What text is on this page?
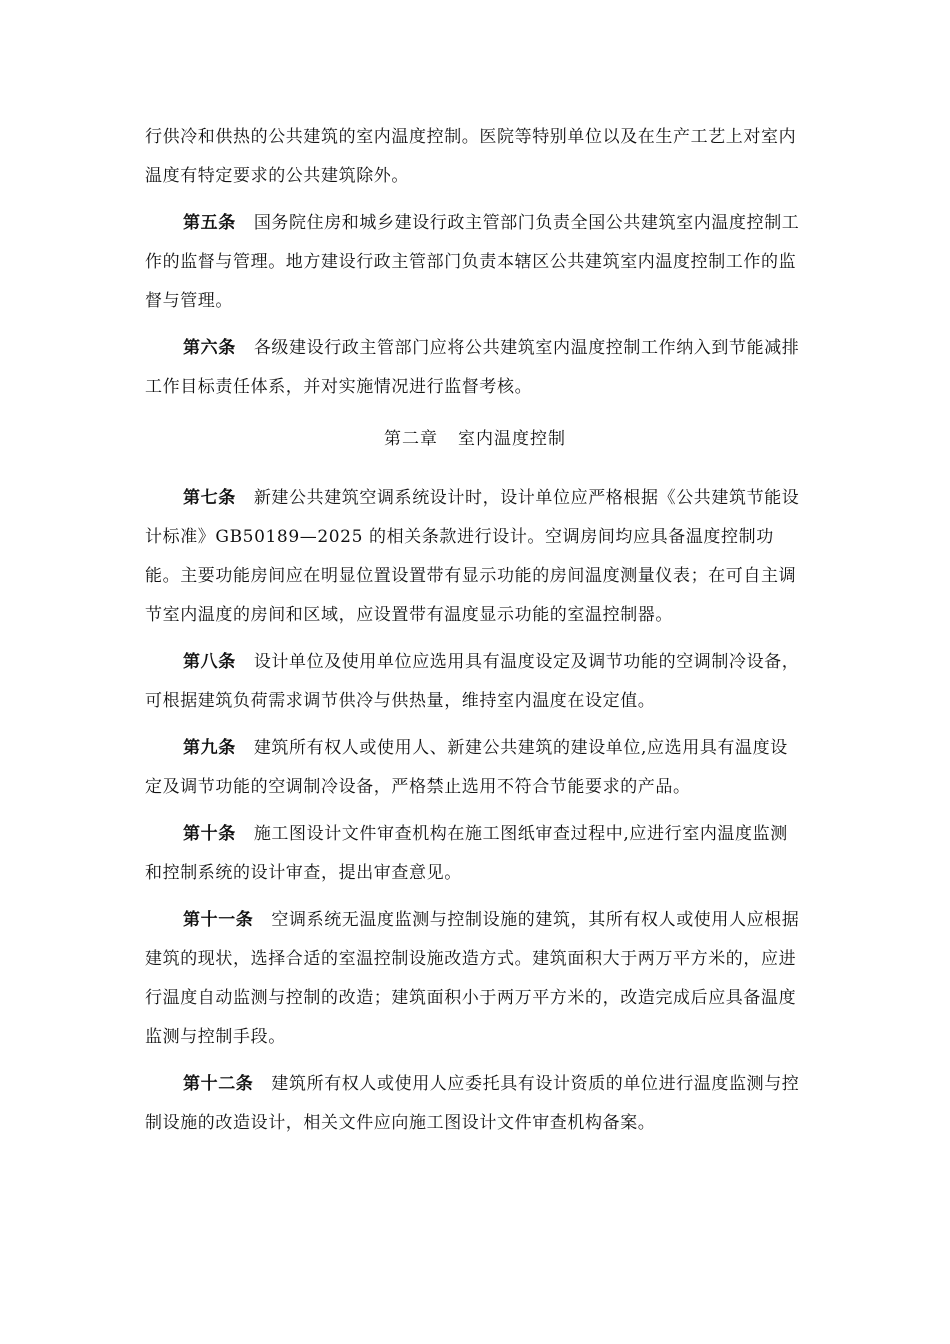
行供冷和供热的公共建筑的室内温度控制。医院等特别单位以及在生产工艺上对室内温度有特定要求的公共建筑除外。

第五条 国务院住房和城乡建设行政主管部门负责全国公共建筑室内温度控制工作的监督与管理。地方建设行政主管部门负责本辖区公共建筑室内温度控制工作的监督与管理。

第六条 各级建设行政主管部门应将公共建筑室内温度控制工作纳入到节能减排工作目标责任体系，并对实施情况进行监督考核。

第二章 室内温度控制

第七条 新建公共建筑空调系统设计时，设计单位应严格根据《公共建筑节能设计标准》GB50189—2025 的相关条款进行设计。空调房间均应具备温度控制功能。主要功能房间应在明显位置设置带有显示功能的房间温度测量仪表；在可自主调节室内温度的房间和区域，应设置带有温度显示功能的室温控制器。

第八条 设计单位及使用单位应选用具有温度设定及调节功能的空调制冷设备，可根据建筑负荷需求调节供冷与供热量，维持室内温度在设定值。

第九条 建筑所有权人或使用人、新建公共建筑的建设单位,应选用具有温度设定及调节功能的空调制冷设备，严格禁止选用不符合节能要求的产品。

第十条 施工图设计文件审查机构在施工图纸审查过程中,应进行室内温度监测和控制系统的设计审查，提出审查意见。

第十一条 空调系统无温度监测与控制设施的建筑，其所有权人或使用人应根据建筑的现状，选择合适的室温控制设施改造方式。建筑面积大于两万平方米的，应进行温度自动监测与控制的改造；建筑面积小于两万平方米的，改造完成后应具备温度监测与控制手段。

第十二条 建筑所有权人或使用人应委托具有设计资质的单位进行温度监测与控制设施的改造设计，相关文件应向施工图设计文件审查机构备案。
